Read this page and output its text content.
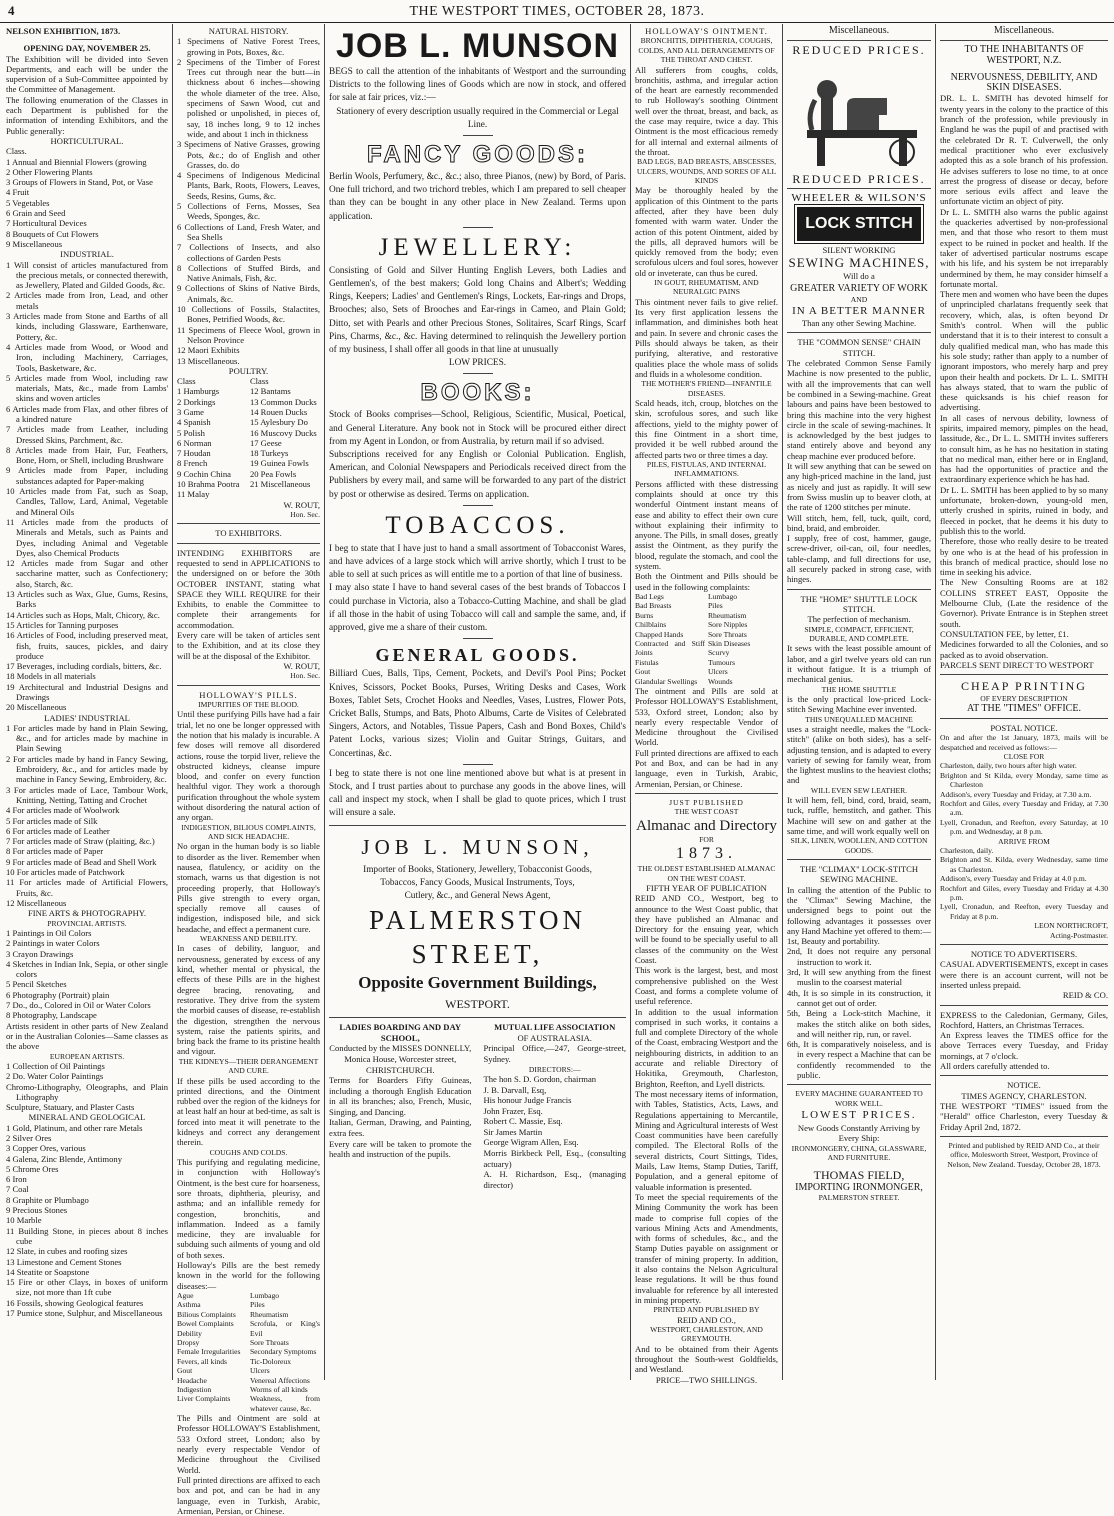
4	THE WESTPORT TIMES, OCTOBER 28, 1873.

NELSON EXHIBITION, 1873.

OPENING DAY, NOVEMBER 25.

The Exhibition will be divided into Seven Departments, and each will be under the supervision of a Sub-Committee appointed by the Committee of Management.

The following enumeration of the Classes in each Department is published for the information of intending Exhibitors, and the Public generally:

HORTICULTURAL.

Class.

1 Annual and Biennial Flowers (growing

2 Other Flowering Plants

3 Groups of Flowers in Stand, Pot, or Vase

4 Fruit

5 Vegetables

6 Grain and Seed

7 Horticultural Devices

8 Bouquets of Cut Flowers

9 Miscellaneous

INDUSTRIAL.

1 Will consist of articles manufactured from the precious metals, or connected therewith, as Jewellery, Plated and Gilded Goods, &c.

2 Articles made from Iron, Lead, and other metals

3 Articles made from Stone and Earths of all kinds, including Glassware, Earthenware, Pottery, &c.

4 Articles made from Wood, or Wood and Iron, including Machinery, Carriages, Tools, Basketware, &c.

5 Articles made from Wool, including raw materials, Mats, &c., made from Lambs' skins and woven articles

6 Articles made from Flax, and other fibres of a kindred nature

7 Articles made from Leather, including Dressed Skins, Parchment, &c.

8 Articles made from Hair, Fur, Feathers, Bone, Horn, or Shell, including Brushware

9 Articles made from Paper, including substances adapted for Paper-making

10 Articles made from Fat, such as Soap, Candles, Tallow, Lard, Animal, Vegetable and Mineral Oils

11 Articles made from the products of Minerals and Metals, such as Paints and Dyes, including Animal and Vegetable Dyes, also Chemical Products

12 Articles made from Sugar and other saccharine matter, such as Confectionery; also, Starch, &c.

13 Articles such as Wax, Glue, Gums, Resins, Barks

14 Articles such as Hops, Malt, Chicory, &c.

15 Articles for Tanning purposes

16 Articles of Food, including preserved meat, fish, fruits, sauces, pickles, and dairy produce

17 Beverages, including cordials, bitters, &c.

18 Models in all materials

19 Architectural and Industrial Designs and Drawings

20 Miscellaneous

LADIES' INDUSTRIAL

1 For articles made by hand in Plain Sewing, &c., and for articles made by machine in Plain Sewing

2 For articles made by hand in Fancy Sewing, Embroidery, &c., and for articles made by machine in Fancy Sewing, Embroidery, &c.

3 For articles made of Lace, Tambour Work, Knitting, Netting, Tatting and Crochet

4 For articles made of Woolwork

5 For articles made of Silk

6 For articles made of Leather

7 For articles made of Straw (plaiting, &c.)

8 For articles made of Paper

9 For articles made of Bead and Shell Work

10 For articles made of Patchwork

11 For articles made of Artificial Flowers, Fruits, &c.

12 Miscellaneous

FINE ARTS & PHOTOGRAPHY.

PROVINCIAL ARTISTS.

1 Paintings in Oil Colors

2 Paintings in water Colors

3 Crayon Drawings

4 Sketches in Indian Ink, Sepia, or other single colors

5 Pencil Sketches

6 Photography (Portrait) plain

7 Do., do., Colored in Oil or Water Colors

8 Photography, Landscape

Artists resident in other parts of New Zealand or in the Australian Colonies—Same classes as the above

EUROPEAN ARTISTS.

1 Collection of Oil Paintings

2 Do. Water Color Paintings

Chromo-Lithography, Oleographs, and Plain Lithography

Sculpture, Statuary, and Plaster Casts

MINERAL AND GEOLOGICAL

1 Gold, Platinum, and other rare Metals

2 Silver Ores

3 Copper Ores, various

4 Galena, Zinc Blende, Antimony

5 Chrome Ores

6 Iron

7 Coal

8 Graphite or Plumbago

9 Precious Stones

10 Marble

11 Building Stone, in pieces about 8 inches cube

12 Slate, in cubes and roofing sizes

13 Limestone and Cement Stones

14 Steatite or Soapstone

15 Fire or other Clays, in boxes of uniform size, not more than 1ft cube

16 Fossils, showing Geological features

17 Pumice stone, Sulphur, and Miscellaneous

NATURAL HISTORY.

1 Specimens of Native Forest Trees, growing in Pots, Boxes, &c.

2 Specimens of the Timber of Forest Trees cut through near the butt—in thickness about 6 inches—showing the whole diameter of the tree. Also, specimens of Sawn Wood, cut and polished or unpolished, in pieces of, say, 18 inches long, 9 to 12 inches wide, and about 1 inch in thickness

3 Specimens of Native Grasses, growing Pots, &c.; do of English and other Grasses, do. do

4 Specimens of Indigenous Medicinal Plants, Bark, Roots, Flowers, Leaves, Seeds, Resins, Gums, &c.

5 Collections of Ferns, Mosses, Sea Weeds, Sponges, &c.

6 Collections of Land, Fresh Water, and Sea Shells

7 Collections of Insects, and also collections of Garden Pests

8 Collections of Stuffed Birds, and Native Animals, Fish, &c.

9 Collections of Skins of Native Birds, Animals, &c.

10 Collections of Fossils, Stalactites, Bones, Petrified Woods, &c.

11 Specimens of Fleece Wool, grown in Nelson Province

12 Maori Exhibits

13 Miscellaneous.

POULTRY.

Class

1 Hamburgs

2 Dorkings

3 Game

4 Spanish

5 Polish

6 Norman

7 Houdan

8 French

9 Cochin China

10 Brahma Pootra

11 Malay

Class

12 Bantams

13 Common Ducks

14 Rouen Ducks

15 Aylesbury Do

16 Muscovy Ducks

17 Geese

18 Turkeys

19 Guinea Fowls

20 Pea Fowls

21 Miscellaneous

W. ROUT,

Hon. Sec.

TO EXHIBITORS.

INTENDING EXHIBITORS are requested to send in APPLICATIONS to the undersigned on or before the 30th OCTOBER INSTANT, stating what SPACE they WILL REQUIRE for their Exhibits, to enable the Committee to complete their arrangements for accommodation.

Every care will be taken of articles sent to the Exhibition, and at its close they will be at the disposal of the Exhibitor.

W. ROUT,

Hon. Sec.

HOLLOWAY'S PILLS.

IMPURITIES OF THE BLOOD.

Until these purifying Pills have had a fair trial, let no one be longer oppressed with the notion that his malady is incurable. A few doses will remove all disordered actions, rouse the torpid liver, relieve the obstructed kidneys, cleanse impure blood, and confer on every function healthful vigor. They work a thorough purification throughout the whole system without disordering the natural action of any organ.

INDIGESTION, BILIOUS COMPLAINTS, AND SICK HEADACHE.

No organ in the human body is so liable to disorder as the liver. Remember when nausea, flatulency, or acidity on the stomach, warns us that digestion is not proceeding properly, that Holloway's Pills give strength to every organ, specially remove all causes of indigestion, indisposed bile, and sick headache, and effect a permanent cure.

WEAKNESS AND DEBILITY.

In cases of debility, languor, and nervousness, generated by excess of any kind, whether mental or physical, the effects of these Pills are in the highest degree bracing, renovating, and restorative. They drive from the system the morbid causes of disease, re-establish the digestion, strengthen the nervous system, raise the patients spirits, and bring back the frame to its pristine health and vigour.

THE KIDNEYS—THEIR DERANGEMENT AND CURE.

If these pills be used according to the printed directions, and the Ointment rubbed over the region of the kidneys for at least half an hour at bed-time, as salt is forced into meat it will penetrate to the kidneys and correct any derangement therein.

COUGHS AND COLDS.

This purifying and regulating medicine, in conjunction with Holloway's Ointment, is the best cure for hoarseness, sore throats, diphtheria, pleurisy, and asthma; and an infallible remedy for congestion, bronchitis, and inflammation. Indeed as a family medicine, they are invaluable for subduing such ailments of young and old of both sexes.

Holloway's Pills are the best remedy known in the world for the following diseases:—

Ague

Asthma

Bilious Complaints

Bowel Complaints

Debility

Dropsy

Female Irregularities

Fevers, all kinds

Gout

Headache

Indigestion

Liver Complaints

Lumbago

Piles

Rheumatism

Scrofula, or King's Evil

Sore Throats

Secondary Symptoms

Tic-Doloreux

Ulcers

Venereal Affections

Worms of all kinds

Weakness, from whatever cause, &c.

The Pills and Ointment are sold at Professor HOLLOWAY'S Establishment, 533 Oxford street, London; also by nearly every respectable Vendor of Medicine throughout the Civilised World.

Full printed directions are affixed to each box and pot, and can be had in any language, even in Turkish, Arabic, Armenian, Persian, or Chinese.

JOB L. MUNSON

BEGS to call the attention of the inhabitants of Westport and the surrounding Districts to the following lines of Goods which are now in stock, and offered for sale at fair prices, viz.:—

Stationery of every description usually required in the Commercial or Legal Line.

FANCY GOODS:

Berlin Wools, Perfumery, &c., &c.; also, three Pianos, (new) by Bord, of Paris. One full trichord, and two trichord trebles, which I am prepared to sell cheaper than they can be bought in any other place in New Zealand. Terms upon application.

JEWELLERY:

Consisting of Gold and Silver Hunting English Levers, both Ladies and Gentlemen's, of the best makers; Gold long Chains and Albert's; Wedding Rings, Keepers; Ladies' and Gentlemen's Rings, Lockets, Ear-rings and Drops, Brooches; also, Sets of Brooches and Ear-rings in Cameo, and Plain Gold; Ditto, set with Pearls and other Precious Stones, Solitaires, Scarf Rings, Scarf Pins, Charms, &c., &c. Having determined to relinquish the Jewellery portion of my business, I shall offer all goods in that line at unusually

LOW PRICES.

BOOKS:

Stock of Books comprises—School, Religious, Scientific, Musical, Poetical, and General Literature. Any book not in Stock will be procured either direct from my Agent in London, or from Australia, by return mail if so advised.

Subscriptions received for any English or Colonial Publication. English, American, and Colonial Newspapers and Periodicals received direct from the Publishers by every mail, and same will be forwarded to any part of the district by post or otherwise as desired. Terms on application.

TOBACCOS.

I beg to state that I have just to hand a small assortment of Tobacconist Wares, and have advices of a large stock which will arrive shortly, which I trust to be able to sell at such prices as will entitle me to a portion of that line of business.

I may also state I have to hand several cases of the best brands of Tobaccos I could purchase in Victoria, also a Tobacco-Cutting Machine, and shall be glad if all those in the habit of using Tobacco will call and sample the same, and, if approved, give me a share of their custom.

GENERAL GOODS.

Billiard Cues, Balls, Tips, Cement, Pockets, and Devil's Pool Pins; Pocket Knives, Scissors, Pocket Books, Purses, Writing Desks and Cases, Work Boxes, Tablet Sets, Crochet Hooks and Needles, Vases, Lustres, Flower Pots, Cricket Balls, Stumps, and Bats, Photo Albums, Carte de Visites of Celebrated Singers, Actors, and Notables, Tissue Papers, Cash and Bond Boxes, Child's Patent Locks, various sizes; Violin and Guitar Strings, Guitars, and Concertinas, &c.

I beg to state there is not one line mentioned above but what is at present in Stock, and I trust parties about to purchase any goods in the above lines, will call and inspect my stock, when I shall be glad to quote prices, which I trust will ensure a sale.

JOB L. MUNSON,

Importer of Books, Stationery, Jewellery, Tobacconist Goods,

Tobaccos, Fancy Goods, Musical Instruments, Toys,

Cutlery, &c., and General News Agent,

PALMERSTON STREET,
Opposite Government Buildings,

WESTPORT.

LADIES BOARDING AND DAY SCHOOL,

Conducted by the MISSES DONNELLY,

Monica House, Worcester street,

CHRISTCHURCH.

Terms for Boarders Fifty Guineas, including a thorough English Education in all its branches; also, French, Music, Singing, and Dancing.

Italian, German, Drawing, and Painting, extra fees.

Every care will be taken to promote the health and instruction of the pupils.

MUTUAL LIFE ASSOCIATION

OF AUSTRALASIA.

Principal Office,—247, George-street, Sydney.

DIRECTORS:—

The hon S. D. Gordon, chairman

J. B. Darvall, Esq,

His honour Judge Francis

John Frazer, Esq.

Robert C. Massie, Esq.

Sir James Martin

George Wigram Allen, Esq.

Morris Birkbeck Pell, Esq., (consulting actuary)

A. H. Richardson, Esq., (managing director)

HOLLOWAY'S OINTMENT.

BRONCHITIS, DIPHTHERIA, COUGHS, COLDS, AND ALL DERANGEMENTS OF THE THROAT AND CHEST.

All sufferers from coughs, colds, bronchitis, asthma, and irregular action of the heart are earnestly recommended to rub Holloway's soothing Ointment well over the throat, breast, and back, as the case may require, twice a day. This Ointment is the most efficacious remedy for all internal and external ailments of the throat.

BAD LEGS, BAD BREASTS, ABSCESSES, ULCERS, WOUNDS, AND SORES OF ALL KINDS

May be thoroughly healed by the application of this Ointment to the parts affected, after they have been duly fomented with warm water. Under the action of this potent Ointment, aided by the pills, all depraved humors will be quickly removed from the body; even scrofulous ulcers and foul sores, however old or inveterate, can thus be cured.

IN GOUT, RHEUMATISM, AND NEURALGIC PAINS

This ointment never fails to give relief. Its very first application lessens the inflammation, and diminishes both heat and pain. In severe and chronic cases the Pills should always be taken, as their purifying, alterative, and restorative qualities place the whole mass of solids and fluids in a wholesome condition.

THE MOTHER'S FRIEND—INFANTILE DISEASES.

Scald heads, itch, croup, blotches on the skin, scrofulous sores, and such like affections, yield to the mighty power of this fine Ointment in a short time, provided it be well rubbed around the affected parts two or three times a day.

PILES, FISTULAS, AND INTERNAL INFLAMMATIONS.

Persons afflicted with these distressing complaints should at once try this wonderful Ointment instant means of ease and ability to effect their own cure without explaining their infirmity to anyone. The Pills, in small doses, greatly assist the Ointment, as they purify the blood, regulate the stomach, and cool the system.

Both the Ointment and Pills should be used in the following complaints:

Bad Legs

Bad Breasts

Burns

Chilblains

Chapped Hands

Contracted and Stiff Joints

Fistulas

Gout

Glandular Swellings

Lumbago

Piles

Rheumatism

Sore Nipples

Sore Throats

Skin Diseases

Scurvy

Tumours

Ulcers

Wounds

The ointment and Pills are sold at Professor HOLLOWAY'S Establishment, 533, Oxford street, London; also by nearly every respectable Vendor of Medicine throughout the Civilised World.

Full printed directions are affixed to each Pot and Box, and can be had in any language, even in Turkish, Arabic, Armenian, Persian, or Chinese.

JUST PUBLISHED

THE WEST COAST

Almanac and Directory

FOR

1873.

THE OLDEST ESTABLISHED ALMANAC ON THE WEST COAST.

FIFTH YEAR OF PUBLICATION

REID AND CO., Westport, beg to announce to the West Coast public, that they have published an Almanac and Directory for the ensuing year, which will be found to be specially useful to all classes of the community on the West Coast.

This work is the largest, best, and most comprehensive published on the West Coast, and forms a complete volume of useful reference.

In addition to the usual information comprised in such works, it contains a full and complete Directory of the whole of the Coast, embracing Westport and the neighbouring districts, in addition to an accurate and reliable Directory of Hokitika, Greymouth, Charleston, Brighton, Reefton, and Lyell districts.

The most necessary items of information, with Tables, Statistics, Acts, Laws, and Regulations appertaining to Mercantile, Mining and Agricultural interests of West Coast communities have been carefully compiled. The Electoral Rolls of the several districts, Court Sittings, Tides, Mails, Law Items, Stamp Duties, Tariff, Population, and a general epitome of valuable information is presented.

To meet the special requirements of the Mining Community the work has been made to comprise full copies of the various Mining Acts and Amendments, with forms of schedules, &c., and the Stamp Duties payable on assignment or transfer of mining property. In addition, it also contains the Nelson Agricultural lease regulations. It will be thus found invaluable for reference by all interested in mining property.

PRINTED AND PUBLISHED BY

REID AND CO.,

WESTPORT, CHARLESTON, AND

GREYMOUTH.

And to be obtained from their Agents throughout the South-west Goldfields, and Westland.

PRICE—TWO SHILLINGS.

Miscellaneous.

REDUCED PRICES.

REDUCED PRICES.

WHEELER & WILSON'S

LOCK STITCH

SILENT WORKING

SEWING MACHINES,

Will do a

GREATER VARIETY OF WORK

AND

IN A BETTER MANNER

Than any other Sewing Machine.

THE "COMMON SENSE" CHAIN STITCH.

The celebrated Common Sense Family Machine is now presented to the public, with all the improvements that can well be combined in a Sewing-machine. Great labours and pains have been bestowed to bring this machine into the very highest circle in the scale of sewing-machines. It is acknowledged by the best judges to stand entirely above and beyond any cheap machine ever produced before.

It will sew anything that can be sewed on any high-priced machine in the land, just as nicely and just as rapidly. It will sew from Swiss muslin up to beaver cloth, at the rate of 1200 stitches per minute.

Will stitch, hem, fell, tuck, quilt, cord, bind, braid, and embroider.

I supply, free of cost, hammer, gauge, screw-driver, oil-can, oil, four needles, table-clamp, and full directions for use, all securely packed in strong case, with hinges.

THE "HOME" SHUTTLE LOCK STITCH.

The perfection of mechanism.

SIMPLE, COMPACT, EFFICIENT, DURABLE, AND COMPLETE.

It sews with the least possible amount of labor, and a girl twelve years old can run it without fatigue. It is a triumph of mechanical genius.

THE HOME SHUTTLE

is the only practical low-priced Lock-stitch Sewing Machine ever invented.

THIS UNEQUALLED MACHINE

uses a straight needle, makes the "Lock-stitch" (alike on both sides), has a self-adjusting tension, and is adapted to every variety of sewing for family wear, from the lightest muslins to the heaviest cloths; and

WILL EVEN SEW LEATHER.

It will hem, fell, bind, cord, braid, seam, tuck, ruffle, hemstitch, and gather. This Machine will sew on and gather at the same time, and will work equally well on

SILK, LINEN, WOOLLEN, AND COTTON GOODS.

THE "CLIMAX" LOCK-STITCH SEWING MACHINE.

In calling the attention of the Public to the "Climax" Sewing Machine, the undersigned begs to point out the following advantages it possesses over any Hand Machine yet offered to them:—

1st, Beauty and portability.

2nd, It does not require any personal instruction to work it.

3rd, It will sew anything from the finest muslin to the coarsest material

4th, It is so simple in its construction, it cannot get out of order.

5th, Being a Lock-stitch Machine, it makes the stitch alike on both sides, and will neither rip, run, or ravel.

6th, It is comparatively noiseless, and is in every respect a Machine that can be confidently recommended to the public.

EVERY MACHINE GUARANTEED TO WORK WELL.

LOWEST PRICES.

New Goods Constantly Arriving by Every Ship:

IRONMONGERY, CHINA, GLASSWARE, AND FURNITURE.

THOMAS FIELD,

IMPORTING IRONMONGER,

PALMERSTON STREET.

Miscellaneous.

TO THE INHABITANTS OF WESTPORT, N.Z.

NERVOUSNESS, DEBILITY, AND SKIN DISEASES.

DR. L. L. SMITH has devoted himself for twenty years in the colony to the practice of this branch of the profession, while previously in England he was the pupil of and practised with the celebrated Dr R. T. Culverwell, the only medical practitioner who ever exclusively adopted this as a sole branch of his profession. He advises sufferers to lose no time, to at once arrest the progress of disease or decay, before more serious evils affect and leave the unfortunate victim an object of pity.

Dr L. L. SMITH also warns the public against the quackeries advertised by non-professional men, and that those who resort to them must expect to be ruined in pocket and health. If the taker of advertised particular nostrums escape with his life, and his system be not irreparably undermined by them, he may consider himself a fortunate mortal.

There men and women who have been the dupes of unprincipled charlatans frequently seek that recovery, which, alas, is often beyond Dr Smith's control. When will the public understand that it is to their interest to consult a duly qualified medical man, who has made this his sole study; rather than apply to a number of ignorant impostors, who merely harp and prey upon their health and pockets. Dr L. L. SMITH has always stated, that to warn the public of these quicksands is his chief reason for advertising.

In all cases of nervous debility, lowness of spirits, impaired memory, pimples on the head, lassitude, &c., Dr L. L. SMITH invites sufferers to consult him, as he has no hesitation in stating that no medical man, either here or in England, has had the opportunities of practice and the extraordinary experience which he has had.

Dr L. L. SMITH has been applied to by so many unfortunate, broken-down, young-old men, utterly crushed in spirits, ruined in body, and fleeced in pocket, that he deems it his duty to publish this to the world.

Therefore, those who really desire to be treated by one who is at the head of his profession in this branch of medical practice, should lose no time in seeking his advice.

The New Consulting Rooms are at 182 COLLINS STREET EAST, Opposite the Melbourne Club, (Late the residence of the Governor). Private Entrance is in Stephen street south.

CONSULTATION FEE, by letter, £1.

Medicines forwarded to all the Colonies, and so packed as to avoid observation.

PARCELS SENT DIRECT TO WESTPORT

CHEAP PRINTING

OF EVERY DESCRIPTION

AT THE "TIMES" OFFICE.

POSTAL NOTICE.

On and after the 1st January, 1873, mails will be despatched and received as follows:—

CLOSE FOR

Charleston, daily, two hours after high water.

Brighton and St Kilda, every Monday, same time as Charleston

Addison's, every Tuesday and Friday, at 7.30 a.m.

Rochfort and Giles, every Tuesday and Friday, at 7.30 a.m.

Lyell, Cronadun, and Reefton, every Saturday, at 10 p.m. and Wednesday, at 8 p.m.

ARRIVE FROM

Charleston, daily.

Brighton and St. Kilda, every Wednesday, same time as Charleston.

Addison's, every Tuesday and Friday at 4.0 p.m.

Rochfort and Giles, every Tuesday and Friday at 4.30 p.m.

Lyell, Cronadun, and Reefton, every Tuesday and Friday at 8 p.m.

LEON NORTHCROFT,

Acting-Postmaster.

NOTICE TO ADVERTISERS.

CASUAL ADVERTISEMENTS, except in cases were there is an account current, will not be inserted unless prepaid.

REID & CO.

EXPRESS to the Caledonian, Germany, Giles, Rochford, Hatters, an Christmas Terraces.

An Express leaves the TIMES office for the above Terraces every Tuesday, and Friday mornings, at 7 o'clock.

All orders carefully attended to.

NOTICE.

TIMES AGENCY, CHARLESTON.

THE WESTPORT "TIMES" issued from the "Herald" office Charleston, every Tuesday & Friday April 2nd, 1872.

Printed and published by REID AND Co., at their office, Molesworth Street, Westport, Province of Nelson, New Zealand. Tuesday, October 28, 1873.
